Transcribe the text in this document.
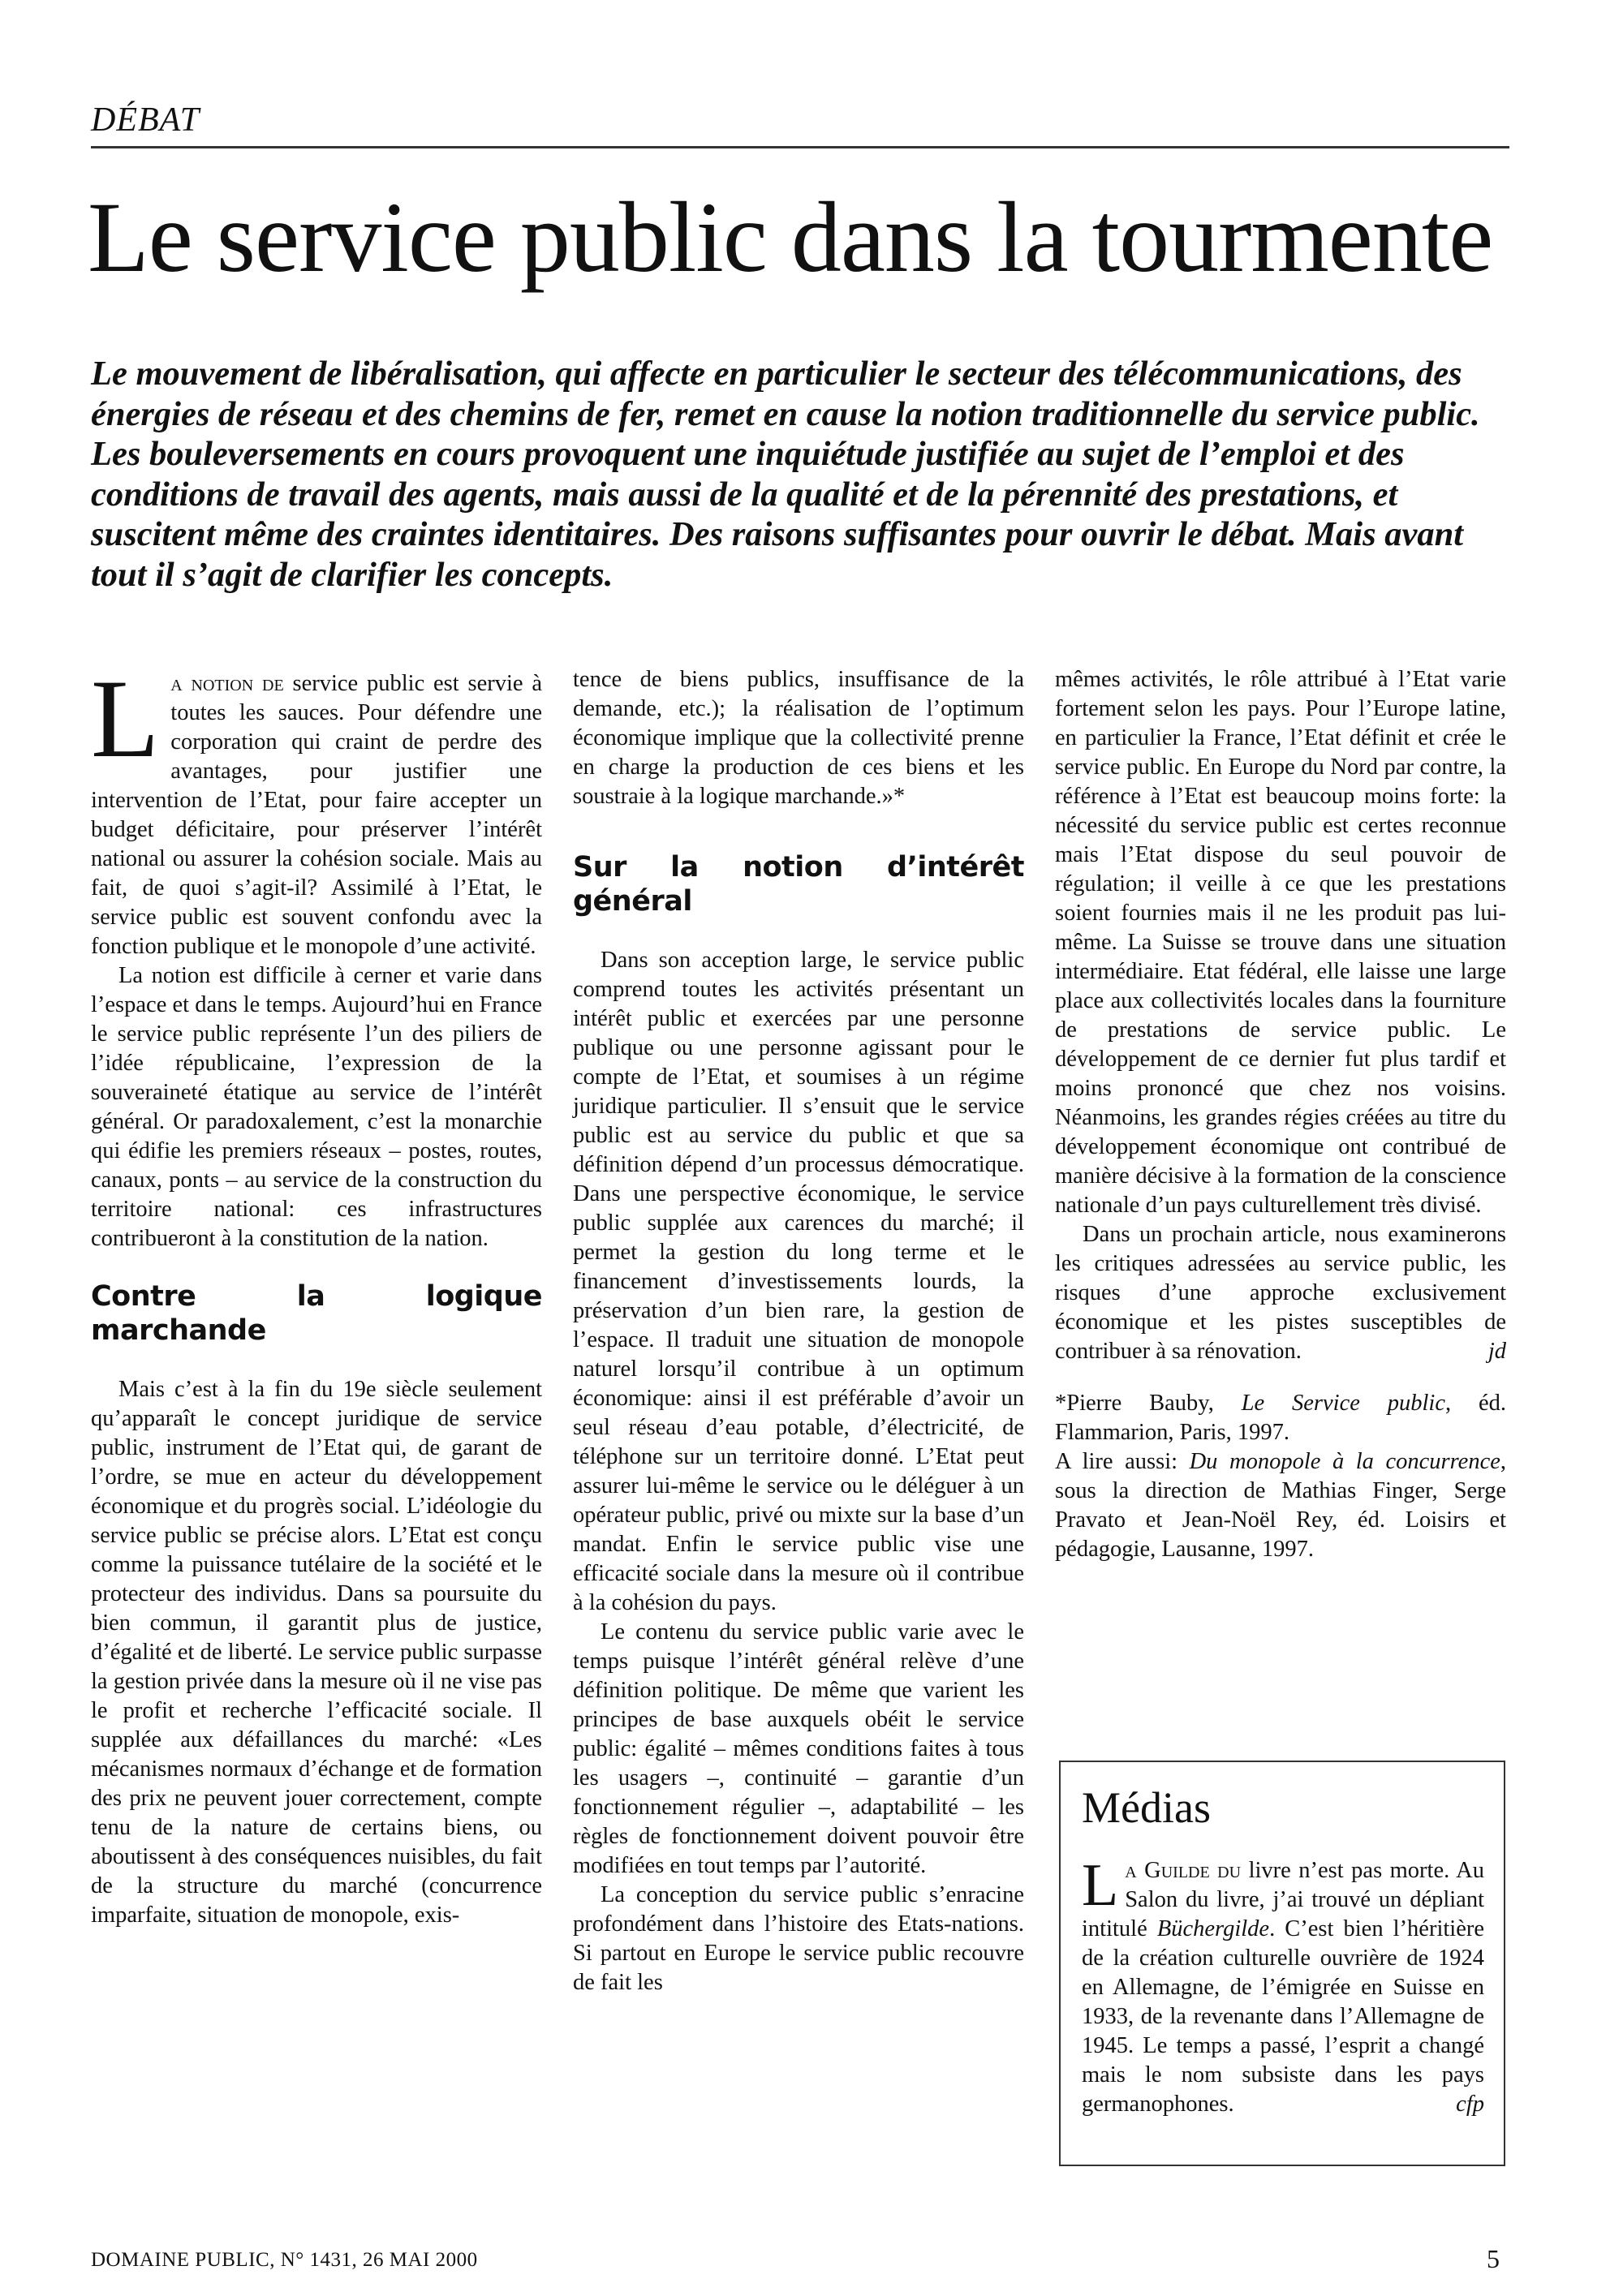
DÉBAT
Le service public dans la tourmente

Le mouvement de libéralisation, qui affecte en particulier le secteur des télécommunications, des énergies de réseau et des chemins de fer, remet en cause la notion traditionnelle du service public. Les bouleversements en cours provoquent une inquiétude justifiée au sujet de l’emploi et des conditions de travail des agents, mais aussi de la qualité et de la pérennité des prestations, et suscitent même des craintes identitaires. Des raisons suffisantes pour ouvrir le débat. Mais avant tout il s’agit de clarifier les concepts.

La notion de service public est servie à toutes les sauces. Pour défendre une corporation qui craint de perdre des avantages, pour justifier une intervention de l’Etat, pour faire accepter un budget déficitaire, pour préserver l’intérêt national ou assurer la cohésion sociale. Mais au fait, de quoi s’agit-il? Assimilé à l’Etat, le service public est souvent confondu avec la fonction publique et le monopole d’une activité.

La notion est difficile à cerner et varie dans l’espace et dans le temps. Aujourd’hui en France le service public représente l’un des piliers de l’idée républicaine, l’expression de la souveraineté étatique au service de l’intérêt général. Or paradoxalement, c’est la monarchie qui édifie les premiers réseaux – postes, routes, canaux, ponts – au service de la construction du territoire national: ces infrastructures contribueront à la constitution de la nation.

Contre la logique marchande

Mais c’est à la fin du 19e siècle seulement qu’apparaît le concept juridique de service public, instrument de l’Etat qui, de garant de l’ordre, se mue en acteur du développement économique et du progrès social. L’idéologie du service public se précise alors. L’Etat est conçu comme la puissance tutélaire de la société et le protecteur des individus. Dans sa poursuite du bien commun, il garantit plus de justice, d’égalité et de liberté. Le service public surpasse la gestion privée dans la mesure où il ne vise pas le profit et recherche l’efficacité sociale. Il supplée aux défaillances du marché: «Les mécanismes normaux d’échange et de formation des prix ne peuvent jouer correctement, compte tenu de la nature de certains biens, ou aboutissent à des conséquences nuisibles, du fait de la structure du marché (concurrence imparfaite, situation de monopole, exis-

tence de biens publics, insuffisance de la demande, etc.); la réalisation de l’optimum économique implique que la collectivité prenne en charge la production de ces biens et les soustraie à la logique marchande.»*

Sur la notion d’intérêt général

Dans son acception large, le service public comprend toutes les activités présentant un intérêt public et exercées par une personne publique ou une personne agissant pour le compte de l’Etat, et soumises à un régime juridique particulier. Il s’ensuit que le service public est au service du public et que sa définition dépend d’un processus démocratique. Dans une perspective économique, le service public supplée aux carences du marché; il permet la gestion du long terme et le financement d’investissements lourds, la préservation d’un bien rare, la gestion de l’espace. Il traduit une situation de monopole naturel lorsqu’il contribue à un optimum économique: ainsi il est préférable d’avoir un seul réseau d’eau potable, d’électricité, de téléphone sur un territoire donné. L’Etat peut assurer lui-même le service ou le déléguer à un opérateur public, privé ou mixte sur la base d’un mandat. Enfin le service public vise une efficacité sociale dans la mesure où il contribue à la cohésion du pays.

Le contenu du service public varie avec le temps puisque l’intérêt général relève d’une définition politique. De même que varient les principes de base auxquels obéit le service public: égalité – mêmes conditions faites à tous les usagers –, continuité – garantie d’un fonctionnement régulier –, adaptabilité – les règles de fonctionnement doivent pouvoir être modifiées en tout temps par l’autorité.

La conception du service public s’enracine profondément dans l’histoire des Etats-nations. Si partout en Europe le service public recouvre de fait les

mêmes activités, le rôle attribué à l’Etat varie fortement selon les pays. Pour l’Europe latine, en particulier la France, l’Etat définit et crée le service public. En Europe du Nord par contre, la référence à l’Etat est beaucoup moins forte: la nécessité du service public est certes reconnue mais l’Etat dispose du seul pouvoir de régulation; il veille à ce que les prestations soient fournies mais il ne les produit pas lui-même. La Suisse se trouve dans une situation intermédiaire. Etat fédéral, elle laisse une large place aux collectivités locales dans la fourniture de prestations de service public. Le développement de ce dernier fut plus tardif et moins prononcé que chez nos voisins. Néanmoins, les grandes régies créées au titre du développement économique ont contribué de manière décisive à la formation de la conscience nationale d’un pays culturellement très divisé.

Dans un prochain article, nous examinerons les critiques adressées au service public, les risques d’une approche exclusivement économique et les pistes susceptibles de contribuer à sa rénovation.	jd

*Pierre Bauby, Le Service public, éd. Flammarion, Paris, 1997.

A lire aussi: Du monopole à la concurrence, sous la direction de Mathias Finger, Serge Pravato et Jean-Noël Rey, éd. Loisirs et pédagogie, Lausanne, 1997.

Médias

La Guilde du livre n’est pas morte. Au Salon du livre, j’ai trouvé un dépliant intitulé Büchergilde. C’est bien l’héritière de la création culturelle ouvrière de 1924 en Allemagne, de l’émigrée en Suisse en 1933, de la revenante dans l’Allemagne de 1945. Le temps a passé, l’esprit a changé mais le nom subsiste dans les pays germanophones.	cfp

DOMAINE PUBLIC, N° 1431, 26 MAI 2000	5
